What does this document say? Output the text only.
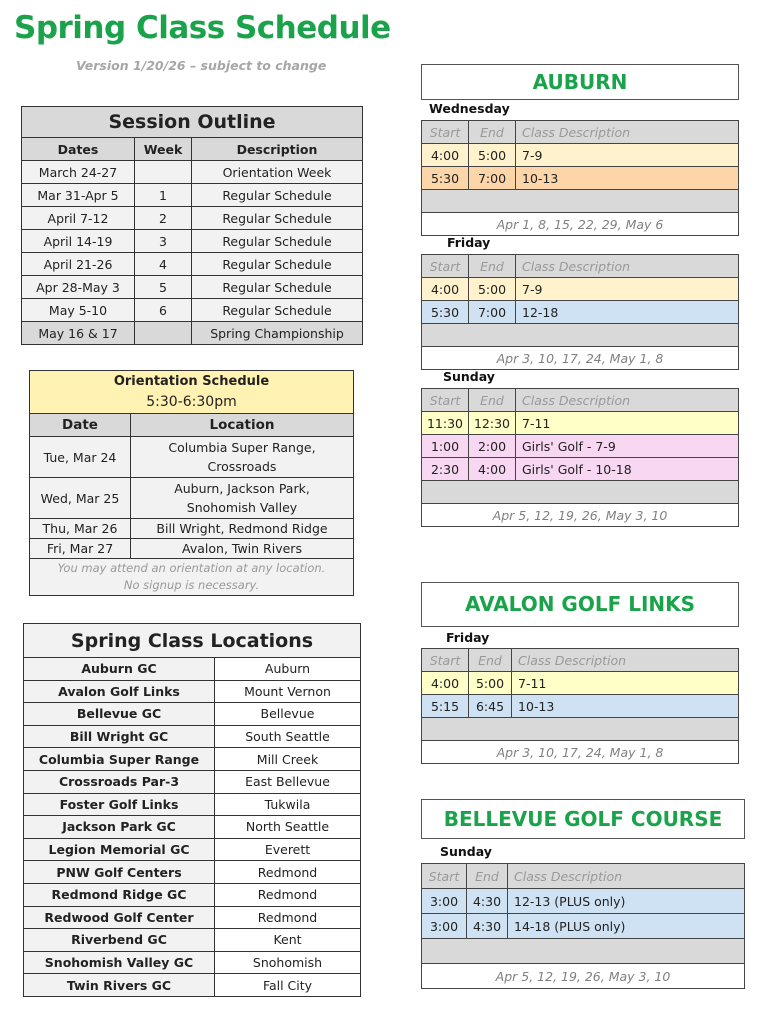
Spring Class Schedule
Version 1/20/26 – subject to change
Session Outline		
Dates	Week	Description
March 24-27		Orientation Week
Mar 31-Apr 5	1	Regular Schedule
April 7-12	2	Regular Schedule
April 14-19	3	Regular Schedule
April 21-26	4	Regular Schedule
Apr 28-May 3	5	Regular Schedule
May 5-10	6	Regular Schedule
May 16 & 17		Spring Championship
Orientation Schedule	
5:30-6:30pm	
Date	Location
Tue, Mar 24	Columbia Super Range,
Crossroads

Wed, Mar 25	Auburn, Jackson Park,
Snohomish Valley

Thu, Mar 26	Bill Wright, Redmond Ridge
Fri, Mar 27	Avalon, Twin Rivers

You may attend an orientation at any location.
No signup is necessary.	
Spring Class Locations	
Auburn GC	Auburn
Avalon Golf Links	Mount Vernon
Bellevue GC	Bellevue
Bill Wright GC	South Seattle
Columbia Super Range	Mill Creek
Crossroads Par-3	East Bellevue
Foster Golf Links	Tukwila
Jackson Park GC	North Seattle
Legion Memorial GC	Everett
PNW Golf Centers	Redmond
Redmond Ridge GC	Redmond
Redwood Golf Center	Redmond
Riverbend GC	Kent
Snohomish Valley GC	Snohomish
Twin Rivers GC	Fall City
AUBURN
Wednesday
Start	End	Class Description
4:00	5:00	7-9
5:30	7:00	10-13

Apr 1, 8, 15, 22, 29, May 6		
Friday
Start	End	Class Description
4:00	5:00	7-9
5:30	7:00	12-18

Apr 3, 10, 17, 24, May 1, 8		
Sunday
Start	End	Class Description
11:30	12:30	7-11
1:00	2:00	Girls' Golf - 7-9
2:30	4:00	Girls' Golf - 10-18

Apr 5, 12, 19, 26, May 3, 10		
AVALON GOLF LINKS
Friday
Start	End	Class Description
4:00	5:00	7-11
5:15	6:45	10-13

Apr 3, 10, 17, 24, May 1, 8		
BELLEVUE GOLF COURSE
Sunday
Start	End	Class Description
3:00	4:30	12-13 (PLUS only)
3:00	4:30	14-18 (PLUS only)

Apr 5, 12, 19, 26, May 3, 10		
